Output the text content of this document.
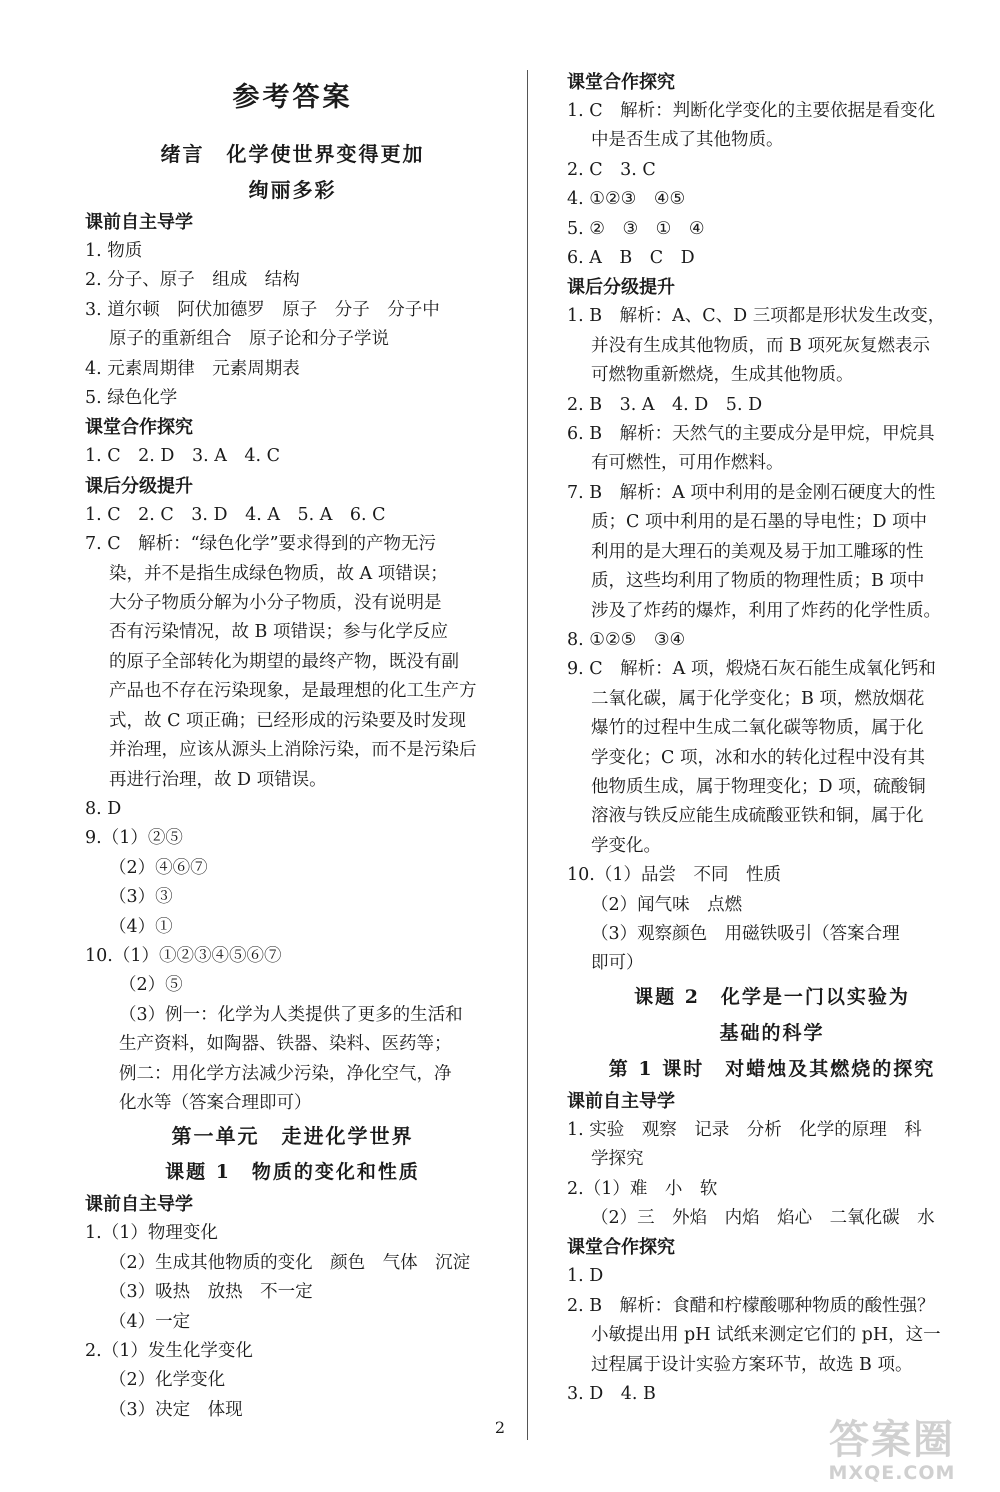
参考答案
绪言　化学使世界变得更加
绚丽多彩
课前自主导学
1. 物质
2. 分子、原子　组成　结构
3. 道尔顿　阿伏加德罗　原子　分子　分子中
原子的重新组合　原子论和分子学说
4. 元素周期律　元素周期表
5. 绿色化学
课堂合作探究
1. C　2. D　3. A　4. C
课后分级提升
1. C　2. C　3. D　4. A　5. A　6. C
7. C　解析：“绿色化学”要求得到的产物无污
染，并不是指生成绿色物质，故 A 项错误；
大分子物质分解为小分子物质，没有说明是
否有污染情况，故 B 项错误；参与化学反应
的原子全部转化为期望的最终产物，既没有副
产品也不存在污染现象，是最理想的化工生产方
式，故 C 项正确；已经形成的污染要及时发现
并治理，应该从源头上消除污染，而不是污染后
再进行治理，故 D 项错误。
8. D
9.（1）②⑤
（2）④⑥⑦
（3）③
（4）①
10.（1）①②③④⑤⑥⑦
（2）⑤
（3）例一：化学为人类提供了更多的生活和
生产资料，如陶器、铁器、染料、医药等；
例二：用化学方法减少污染，净化空气，净
化水等（答案合理即可）
第一单元　走进化学世界
课题 1　物质的变化和性质
课前自主导学
1.（1）物理变化
（2）生成其他物质的变化　颜色　气体　沉淀
（3）吸热　放热　不一定
（4）一定
2.（1）发生化学变化
（2）化学变化
（3）决定　体现
课堂合作探究
1. C　解析：判断化学变化的主要依据是看变化
中是否生成了其他物质。
2. C　3. C
4. ①②③　④⑤
5. ②　③　①　④
6. A　B　C　D
课后分级提升
1. B　解析：A、C、D 三项都是形状发生改变，
并没有生成其他物质，而 B 项死灰复燃表示
可燃物重新燃烧，生成其他物质。
2. B　3. A　4. D　5. D
6. B　解析：天然气的主要成分是甲烷，甲烷具
有可燃性，可用作燃料。
7. B　解析：A 项中利用的是金刚石硬度大的性
质；C 项中利用的是石墨的导电性；D 项中
利用的是大理石的美观及易于加工雕琢的性
质，这些均利用了物质的物理性质；B 项中
涉及了炸药的爆炸，利用了炸药的化学性质。
8. ①②⑤　③④
9. C　解析：A 项，煅烧石灰石能生成氧化钙和
二氧化碳，属于化学变化；B 项，燃放烟花
爆竹的过程中生成二氧化碳等物质，属于化
学变化；C 项，冰和水的转化过程中没有其
他物质生成，属于物理变化；D 项，硫酸铜
溶液与铁反应能生成硫酸亚铁和铜，属于化
学变化。
10.（1）品尝　不同　性质
（2）闻气味　点燃
（3）观察颜色　用磁铁吸引（答案合理
即可）
课题 2　化学是一门以实验为
基础的科学
第 1 课时　对蜡烛及其燃烧的探究
课前自主导学
1. 实验　观察　记录　分析　化学的原理　科
学探究
2.（1）难　小　软
（2）三　外焰　内焰　焰心　二氧化碳　水
课堂合作探究
1. D
2. B　解析：食醋和柠檬酸哪种物质的酸性强？
小敏提出用 pH 试纸来测定它们的 pH，这一
过程属于设计实验方案环节，故选 B 项。
3. D　4. B
2	答案圈
MXQE.COM
